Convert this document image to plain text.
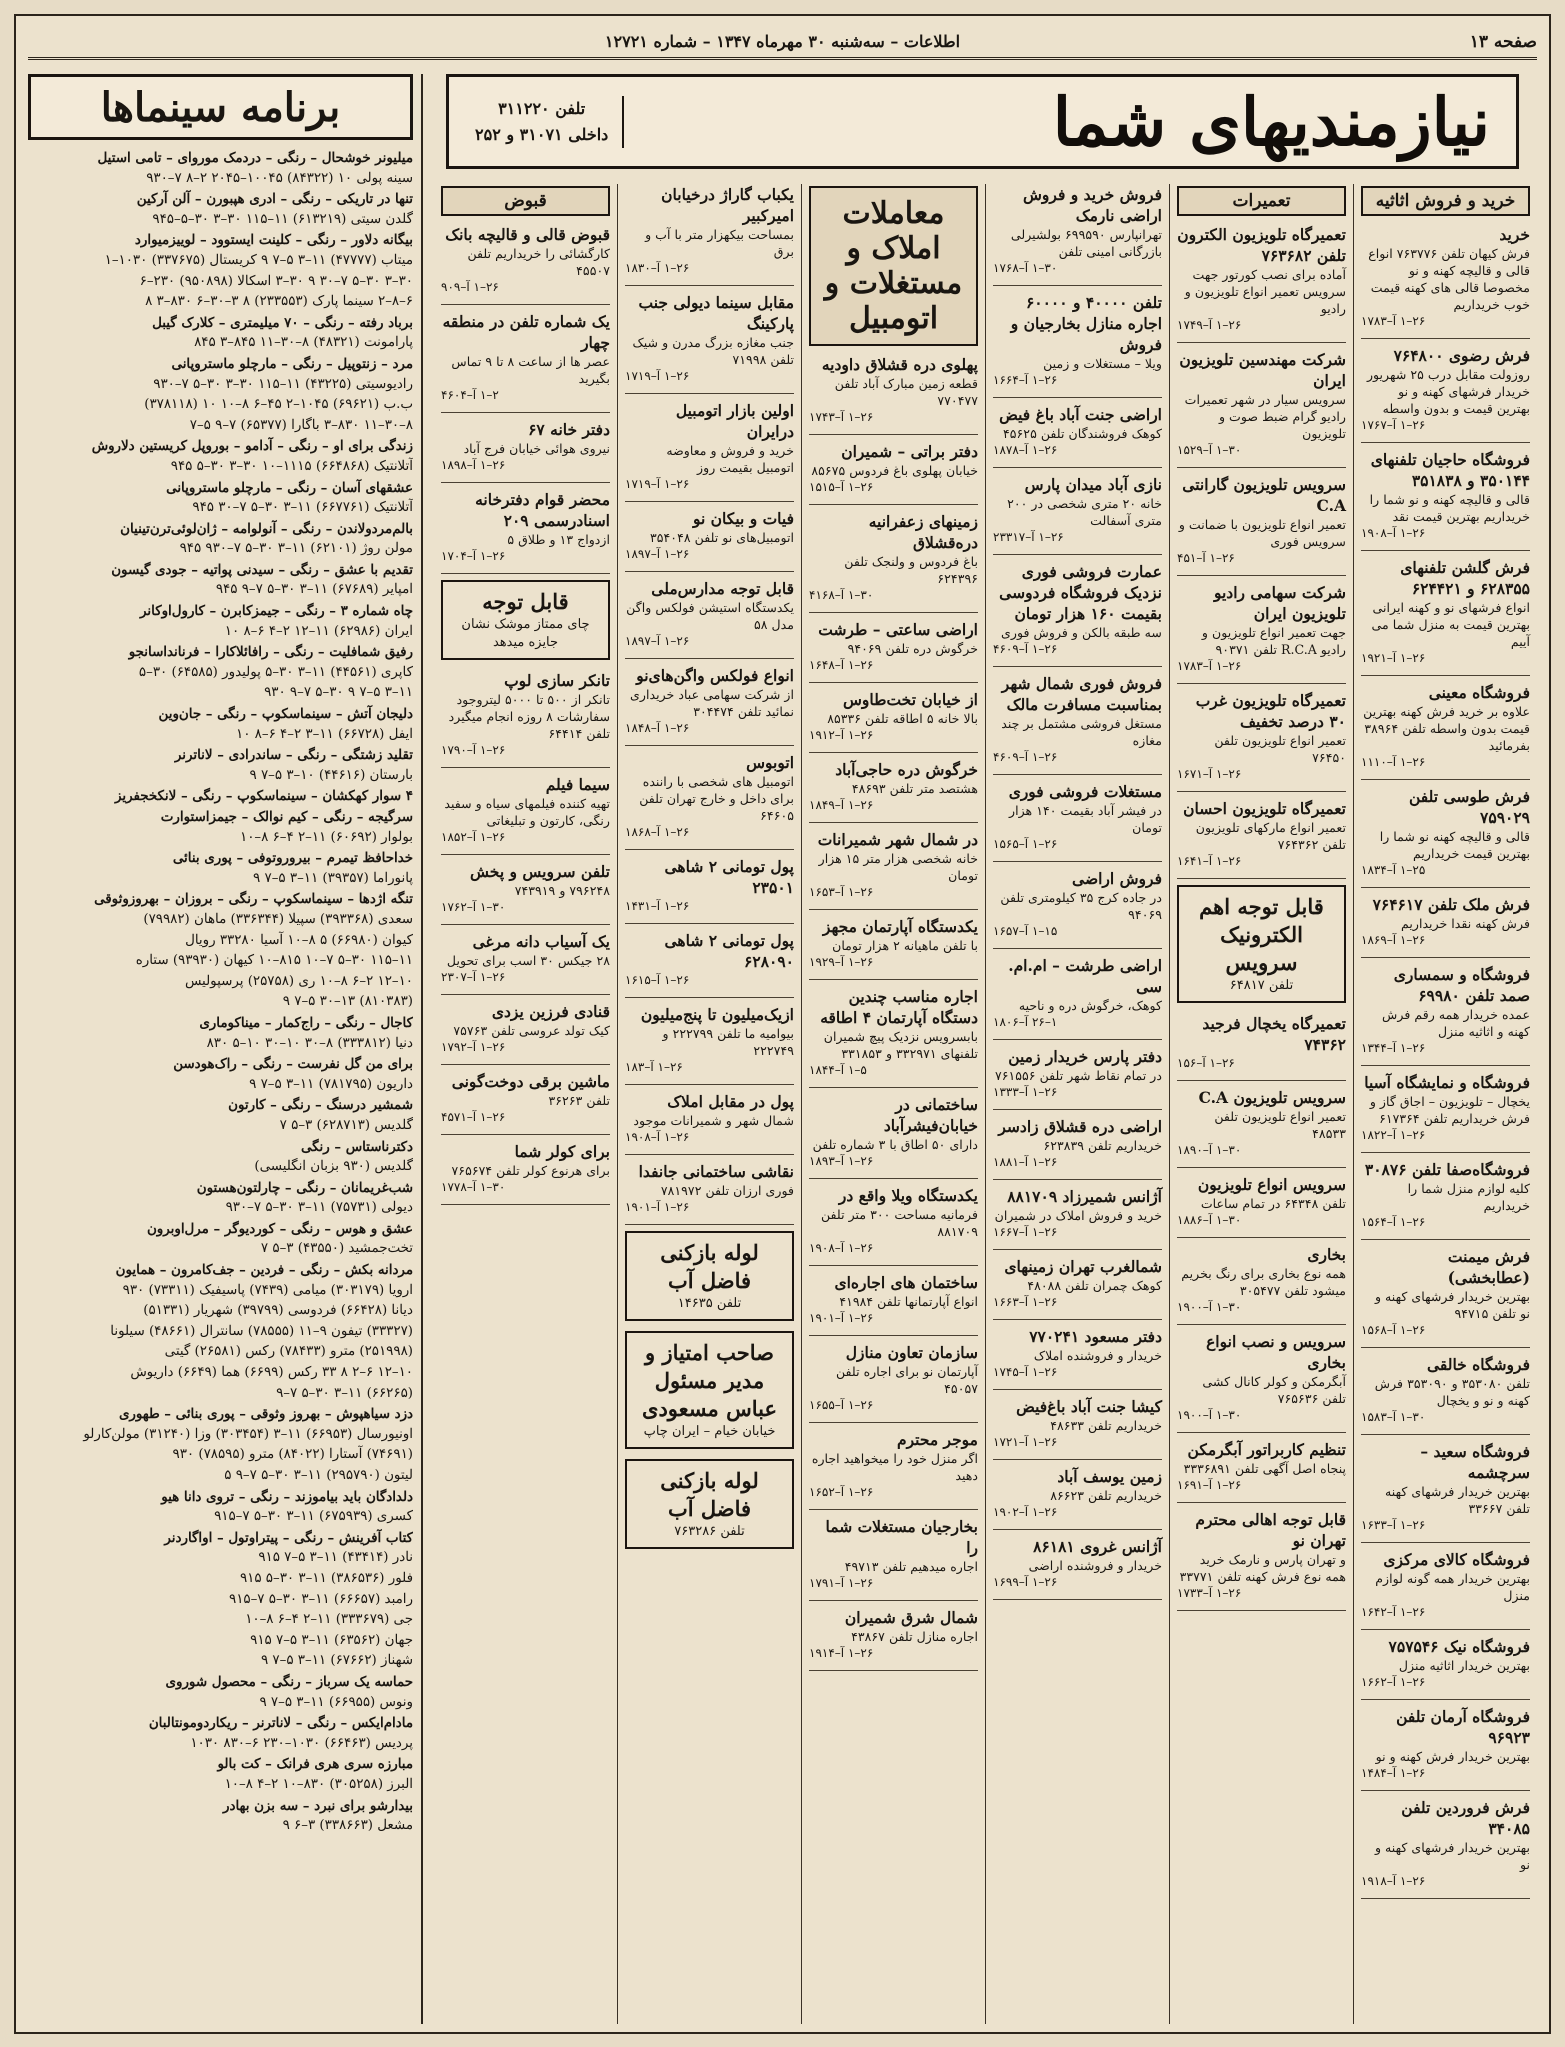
صفحه ۱۳
اطلاعات – سه‌شنبه ۳۰ مهرماه ۱۳۴۷ – شماره ۱۲۷۲۱
نیازمندیهای شما
تلفن ۳۱۱۲۲۰
داخلی ۳۱۰۷۱ و ۲۵۲
برنامه سینماها
میلیونر خوشحال – رنگی – دردمک موروای – تامی استیل
سینه پولی ۱۰ (۸۴۳۲۲) ۱۰۰۴۵–۲۰۴۵ ۲–۸ ۷–۹۳۰
تنها در تاریکی – رنگی – ادری هپبورن – آلن آرکین
گلدن سیتی (۶۱۳۲۱۹) ۱۱–۱۱۵ ۳۰–۳ ۳۰–۵–۹۴۵
بیگانه دلاور – رنگی – کلینت ایستوود – لوییزمیوارد
میتاب (۴۷۷۷۷) ۱۱–۳ ۵–۷ ۹ کریستال (۳۳۷۶۷۵) ۱۰۳۰–۱
۳۰–۳ ۳۰–۵ ۷–۳۰ ۹ ۳۰–۳ اسکالا (۹۵۰۸۹۸) ۲۳۰–۶
۶–۸–۲ سینما پارک (۲۳۳۵۵۳) ۸ ۳–۳۰–۶ ۸۳۰–۳ ۸
برباد رفته – رنگی – ۷۰ میلیمتری – کلارک گیبل
پارامونت (۴۸۳۲۱) ۸–۳۰–۱۱ ۸۴۵–۳ ۸۴۵
مرد – زنتوپیل – رنگی – مارچلو ماستروپانی
رادیوسیتی (۴۳۲۲۵) ۱۱–۱۱۵ ۳۰–۳ ۳۰–۵ ۷–۹۳۰
ب.ب (۶۹۶۲۱) ۱۰۴۵–۲ ۴۵–۶ ۸–۱۰ ۱۰ (۳۷۸۱۱۸)
۸–۳۰–۱۱ ۸۳۰–۳ باگارا (۶۵۳۷۷) ۷–۹ ۵–۷
زندگی برای او – رنگی – آدامو – بوروپل کریستین دلاروش
آتلانتیک (۶۶۴۸۶۸) ۱۱۱۵–۱۰ ۳۰–۳ ۳۰–۵ ۹۴۵
عشقهای آسان – رنگی – مارچلو ماستروپانی
آتلانتیک (۶۶۷۷۶۱) ۱۱–۳ ۳۰–۵ ۷–۳۰ ۹۴۵
بالم‌مردولاندن – رنگی – آنولوامه – ژان‌لوئی‌ترن‌تینیان
مولن روژ (۶۲۱۰۱) ۱۱–۳ ۳۰–۵ ۷–۹۳۰ ۹۴۵
تقدیم با عشق – رنگی – سیدنی پواتیه – جودی گیسون
امپایر (۶۷۶۸۹) ۱۱–۳ ۳۰–۵ ۷–۹ ۹۴۵
چاه شماره ۳ – رنگی – جیمزکابرن – کارول‌اوکانر
ایران (۶۲۹۸۶) ۱۱–۱۲ ۲–۴ ۶–۸ ۱۰
رفیق شمافلیت – رنگی – رافائلاکارا – فرنانداسانجو
کاپری (۴۴۵۶۱) ۱۱–۳ ۳۰–۵ پولیدور (۶۴۵۸۵) ۳۰–۵
۱۱–۳ ۵–۷ ۹ ۳۰–۵ ۷–۹ ۹۳۰
دلیجان آتش – سینماسکوپ – رنگی – جان‌وین
ایفل (۶۶۷۲۸) ۱۱–۳ ۲–۴ ۶–۸ ۱۰
تقلید زشتگی – رنگی – ساندرادی – لاناترنر
بارستان (۴۴۶۱۶) ۱۰–۳ ۵–۷ ۹
۴ سوار کهکشان – سینماسکوپ – رنگی – لانکخجفریز
سرگیجه – رنگی – کیم نوالک – جیمزاستوارت
بولوار (۶۰۶۹۲) ۱۱–۲ ۴–۶ ۸–۱۰
خداحافظ تیمرم – بیروروتوفی – پوری بنائی
پانوراما (۳۹۳۵۷) ۱۱–۳ ۵–۷ ۹
تنگه اژدها – سینماسکوپ – رنگی – بروزان – بهروزوثوقی
سعدی (۳۹۳۳۶۸) سپیلا (۳۳۶۳۴۴) ماهان (۷۹۹۸۲)
کیوان (۶۶۹۸۰) ۵ ۸–۱۰ آسیا ۳۳۲۸۰ رویال
۱۱–۱۱۵ ۳۰–۵ ۷–۱۰ ۸۱۵–۱۰ کیهان (۹۳۹۳۰) ستاره
۱۰–۱۲ ۲–۶ ۸–۱۰ ری (۲۵۷۵۸) پرسپولیس
(۸۱۰۳۸۳) ۱۳–۳۰ ۵–۷ ۹
کاجال – رنگی – راج‌کمار – میناکوماری
دنیا (۳۳۳۸۱۲) ۸–۳۰ ۱۰–۳۰ ۱۰–۵ ۸۳۰
برای من گل نفرست – رنگی – راک‌هودسن
داریون (۷۸۱۷۹۵) ۱۱–۳ ۵–۷ ۹
شمشیر درسنگ – رنگی – کارتون
گلدیس (۶۲۸۷۱۳) ۳–۵ ۷
دکترناستاس – رنگی
گلدیس (۹۳۰ بزبان انگلیسی)
شب‌غریمانان – رنگی – چارلتون‌هستون
دیولی (۷۵۷۳۱) ۱۱–۳ ۳۰–۵ ۷–۹۳۰
عشق و هوس – رنگی – کوردیوگر – مرل‌اوبرون
تخت‌جمشید (۴۳۵۵۰) ۳–۵ ۷
مردانه بکش – رنگی – فردین – جف‌کامرون – همایون
ارویا (۳۰۳۱۷۹) میامی (۷۴۳۹) پاسیفیک (۷۳۳۱۱) ۹۳۰
دیانا (۶۶۴۲۸) فردوسی (۳۹۷۹۹) شهریار (۵۱۳۳۱)
(۳۳۳۲۷) تیفون ۹–۱۱ (۷۸۵۵۵) سانترال (۴۸۶۶۱) سیلونا
(۲۵۱۹۹۸) مترو (۷۸۴۳۳) رکس (۲۶۵۸۱) گیتی
۱۰–۱۲ ۶–۲ ۸ ۳۳ رکس (۶۶۹۹) هما (۶۶۴۹) داریوش
(۶۶۲۶۵) ۱۱–۳ ۳۰–۵ ۷–۹
دزد سیاهپوش – بهروز وثوقی – پوری بنائی – طهوری
اونیورسال (۶۶۹۵۳) ۱۱–۳ (۳۰۳۴۵۴) وزا (۳۱۲۴۰) مولن‌کارلو
(۷۴۶۹۱) آستارا (۸۴۰۲۲) مترو (۷۸۵۹۵) ۹۳۰
لیتون (۲۹۵۷۹۰) ۱۱–۳ ۳۰–۵ ۷–۹ ۵
دلدادگان باید بیاموزند – رنگی – تروی دانا هیو
کسری (۶۷۵۹۳۹) ۱۱–۳ ۳۰–۵ ۷–۹۱۵
کتاب آفرینش – رنگی – پیتراوتول – اواگاردنر
نادر (۴۳۴۱۴) ۱۱–۳ ۵–۷ ۹۱۵
فلور (۳۸۶۵۳۶) ۱۱–۳ ۳۰–۵ ۹۱۵
رامبد (۶۶۶۵۷) ۱۱–۳ ۳۰–۵ ۷–۹۱۵
جی (۳۳۳۶۷۹) ۱۱–۲ ۴–۶ ۸–۱۰
جهان (۶۳۵۶۲) ۱۱–۳ ۵–۷ ۹۱۵
شهناز (۶۷۶۶۲) ۱۱–۳ ۵–۷ ۹
حماسه یک سرباز – رنگی – محصول شوروی
ونوس (۶۶۹۵۵) ۱۱–۳ ۵–۷ ۹
مادام‌ایکس – رنگی – لاناترنر – ریکاردومونتالبان
پردیس (۶۶۴۶۳) ۱۰۳۰–۲۳۰ ۶–۸۳۰ ۱۰۳۰
مبارزه سری هری فرانک – کت بالو
البرز (۳۰۵۲۵۸) ۸۳۰–۱۰ ۲–۴ ۸–۱۰
بیدارشو برای نبرد – سه بزن بهادر
مشعل (۳۳۸۶۶۳) ۳–۶ ۹
خرید و فروش اثاثیه
خرید
فرش کیهان تلفن ۷۶۳۷۷۶ انواع قالی و قالیچه کهنه و نو مخصوصا قالی های کهنه قیمت خوب خریداریم
۲۶–۱ آ–۱۷۸۳
فرش رضوی ۷۶۴۸۰۰
روزولت مقابل درب ۲۵ شهریور خریدار فرشهای کهنه و نو بهترین قیمت و بدون واسطه
۲۶–۱ آ–۱۷۶۷
فروشگاه حاجیان تلفنهای ۳۵۰۱۴۴ و ۳۵۱۸۳۸
قالی و قالیچه کهنه و نو شما را خریداریم بهترین قیمت نقد
۲۶–۱ آ–۱۹۰۸
فرش گلشن تلفنهای ۶۲۸۳۵۵ و ۶۲۴۴۲۱
انواع فرشهای نو و کهنه ایرانی بهترین قیمت به منزل شما می آییم
۲۶–۱ آ–۱۹۲۱
فروشگاه معینی
علاوه بر خرید فرش کهنه بهترین قیمت بدون واسطه تلفن ۳۸۹۶۴ بفرمائید
۲۶–۱ آ–۱۱۱۰
فرش طوسی تلفن ۷۵۹۰۲۹
قالی و قالیچه کهنه نو شما را بهترین قیمت خریداریم
۲۵–۱ آ–۱۸۳۴
فرش ملک تلفن ۷۶۴۶۱۷
فرش کهنه نقدا خریداریم
۲۶–۱ آ–۱۸۶۹
فروشگاه و سمساری صمد تلفن ۶۹۹۸۰
عمده خریدار همه رقم فرش کهنه و اثاثیه منزل
۲۶–۱ آ–۱۳۴۴
فروشگاه و نمایشگاه آسیا
یخچال – تلویزیون – اجاق گاز و فرش خریداریم تلفن ۶۱۷۳۶۴
۲۶–۱ آ–۱۸۲۲
فروشگاه‌صفا تلفن ۳۰۸۷۶
کلیه لوازم منزل شما را خریداریم
۲۶–۱ آ–۱۵۶۴
فرش میمنت (عطابخشی)
بهترین خریدار فرشهای کهنه و نو تلفن ۹۴۷۱۵
۲۶–۱ آ–۱۵۶۸
فروشگاه خالقی
تلفن ۳۵۳۰۸۰ و ۳۵۳۰۹۰ فرش کهنه و نو و یخچال
۳۰–۱ آ–۱۵۸۳
فروشگاه سعید – سرچشمه
بهترین خریدار فرشهای کهنه تلفن ۳۳۶۶۷
۲۶–۱ آ–۱۶۳۳
فروشگاه کالای مرکزی
بهترین خریدار همه گونه لوازم منزل
۲۶–۱ آ–۱۶۴۲
فروشگاه نیک ۷۵۷۵۴۶
بهترین خریدار اثاثیه منزل
۲۶–۱ آ–۱۶۶۲
فروشگاه آرمان تلفن ۹۶۹۲۳
بهترین خریدار فرش کهنه و نو
۲۶–۱ آ–۱۴۸۴
فرش فروردین تلفن ۳۴۰۸۵
بهترین خریدار فرشهای کهنه و نو
۲۶–۱ آ–۱۹۱۸
تعمیرات
تعمیرگاه تلویزیون الکترون تلفن ۷۶۳۶۸۲
آماده برای نصب کورتور جهت سرویس تعمیر انواع تلویزیون و رادیو
۲۶–۱ آ–۱۷۴۹
شرکت مهندسین تلویزیون ایران
سرویس سیار در شهر تعمیرات رادیو گرام ضبط صوت و تلویزیون
۳۰–۱ آ–۱۵۲۹
سرویس تلویزیون گارانتی C.A
تعمیر انواع تلویزیون با ضمانت و سرویس فوری
۲۶–۱ آ–۴۵۱
شرکت سهامی رادیو تلویزیون ایران
جهت تعمیر انواع تلویزیون و رادیو R.C.A تلفن ۹۰۳۷۱
۲۶–۱ آ–۱۷۸۳
تعمیرگاه تلویزیون غرب ۳۰ درصد تخفیف
تعمیر انواع تلویزیون تلفن ۷۶۴۵۰
۲۶–۱ آ–۱۶۷۱
تعمیرگاه تلویزیون احسان
تعمیر انواع مارکهای تلویزیون تلفن ۷۶۴۳۶۲
۲۶–۱ آ–۱۶۴۱
قابل توجه اهم الکترونیک سرویس
تلفن ۶۴۸۱۷
تعمیرگاه یخچال فرجید ۷۴۳۶۲
۲۶–۱ آ–۱۵۶
سرویس تلویزیون C.A
تعمیر انواع تلویزیون تلفن ۴۸۵۳۳
۳۰–۱ آ–۱۸۹۰
سرویس انواع تلویزیون
تلفن ۶۴۳۴۸ در تمام ساعات
۳۰–۱ آ–۱۸۸۶
بخاری
همه نوع بخاری برای رنگ بخریم میشود تلفن ۳۰۵۴۷۷
۳۰–۱ آ–۱۹۰۰
سرویس و نصب انواع بخاری
آبگرمکن و کولر کانال کشی تلفن ۷۶۵۶۳۶
۳۰–۱ آ–۱۹۰۰
تنظیم کاربراتور آبگرمکن
پنجاه اصل آگهی تلفن ۳۳۳۶۸۹۱
۲۶–۱ آ–۱۶۹۱
قابل توجه اهالی محترم تهران نو
و تهران پارس و نارمک خرید همه نوع فرش کهنه تلفن ۳۳۷۷۱
۲۶–۱ آ–۱۷۳۳
فروش خرید و فروش اراضی نارمک
تهرانپارس ۶۹۹۵۹۰ بولشیرلی بازرگانی امینی تلفن
۳۰–۱ آ–۱۷۶۸
تلفن ۴۰۰۰۰ و ۶۰۰۰۰ اجاره منازل بخارجیان و فروش
ویلا – مستغلات و زمین
۲۶–۱ آ–۱۶۶۴
اراضی جنت آباد باغ فیض
کوهک فروشندگان تلفن ۴۵۶۲۵
۲۶–۱ آ–۱۸۷۸
نازی آباد میدان پارس
خانه ۲۰ متری شخصی در ۲۰۰ متری آسفالت
۲۶–۱ آ–۲۳۳۱۷
عمارت فروشی فوری نزدیک فروشگاه فردوسی بقیمت ۱۶۰ هزار تومان
سه طبقه بالکن و فروش فوری
۲۶–۱ آ–۴۶۰۹
فروش فوری شمال شهر بمناسبت مسافرت مالک
مستغل فروشی مشتمل بر چند مغازه
۲۶–۱ آ–۴۶۰۹
مستغلات فروشی فوری
در فیشر آباد بقیمت ۱۴۰ هزار تومان
۲۶–۱ آ–۱۵۶۵
فروش اراضی
در جاده کرج ۳۵ کیلومتری تلفن ۹۴۰۶۹
۱۵–۱ آ–۱۶۵۷
اراضی طرشت – ام.ام. سی
کوهک، خرگوش دره و ناحیه
۱–۲۶ آ–۱۸۰۶
دفتر پارس خریدار زمین
در تمام نقاط شهر تلفن ۷۶۱۵۵۶
۲۶–۱ آ–۱۳۳۳
اراضی دره قشلاق زادسر
خریداریم تلفن ۶۲۳۸۳۹
۲۶–۱ آ–۱۸۸۱
آژانس شمیرزاد ۸۸۱۷۰۹
خرید و فروش املاک در شمیران
۲۶–۱ آ–۱۶۶۷
شمالغرب تهران زمینهای
کوهک چمران تلفن ۴۸۰۸۸
۲۶–۱ آ–۱۶۶۳
دفتر مسعود ۷۷۰۲۴۱
خریدار و فروشنده املاک
۲۶–۱ آ–۱۷۴۵
کیشا جنت آباد باغ‌فیض
خریداریم تلفن ۴۸۶۳۳
۲۶–۱ آ–۱۷۲۱
زمین یوسف آباد
خریداریم تلفن ۸۶۶۲۳
۲۶–۱ آ–۱۹۰۲
آژانس غروی ۸۶۱۸۱
خریدار و فروشنده اراضی
۲۶–۱ آ–۱۶۹۹
معاملات املاک و مستغلات و اتومبیل
پهلوی دره قشلاق داودیه
قطعه زمین مبارک آباد تلفن ۷۷۰۴۷۷
۲۶–۱ آ–۱۷۴۳
دفتر براتی – شمیران
خیابان پهلوی باغ فردوس ۸۵۶۷۵
۲۶–۱ آ–۱۵۱۵
زمینهای زعفرانیه دره‌قشلاق
باغ فردوس و ولنجک تلفن ۶۲۴۳۹۶
۳۰–۱ آ–۴۱۶۸
اراضی ساعتی – طرشت
خرگوش دره تلفن ۹۴۰۶۹
۲۶–۱ آ–۱۶۴۸
از خیابان تخت‌طاوس
بالا خانه ۵ اطاقه تلفن ۸۵۳۳۶
۲۶–۱ آ–۱۹۱۲
خرگوش دره حاجی‌آباد
هشتصد متر تلفن ۴۸۶۹۳
۲۶–۱ آ–۱۸۴۹
در شمال شهر شمیرانات
خانه شخصی هزار متر ۱۵ هزار تومان
۲۶–۱ آ–۱۶۵۳
یکدستگاه آپارتمان مجهز
با تلفن ماهیانه ۲ هزار تومان
۲۶–۱ آ–۱۹۲۹
اجاره مناسب چندین دستگاه آپارتمان ۴ اطاقه
بابسرویس نزدیک پیچ شمیران تلفنهای ۳۳۲۹۷۱ و ۳۳۱۸۵۳
۵–۱ آ–۱۸۴۴
ساختمانی در خیابان‌فیشرآباد
دارای ۵۰ اطاق با ۳ شماره تلفن
۲۶–۱ آ–۱۸۹۳
یکدستگاه ویلا واقع در
فرمانیه مساحت ۳۰۰ متر تلفن ۸۸۱۷۰۹
۲۶–۱ آ–۱۹۰۸
ساختمان های اجاره‌ای
انواع آپارتمانها تلفن ۴۱۹۸۴
۲۶–۱ آ–۱۹۰۱
سازمان تعاون منازل
آپارتمان نو برای اجاره تلفن ۴۵۰۵۷
۲۶–۱ آ–۱۶۵۵
موجر محترم
اگر منزل خود را میخواهید اجاره دهید
۲۶–۱ آ–۱۶۵۲
بخارجیان مستغلات شما را
اجاره میدهیم تلفن ۴۹۷۱۳
۲۶–۱ آ–۱۷۹۱
شمال شرق شمیران
اجاره منازل تلفن ۴۳۸۶۷
۲۶–۱ آ–۱۹۱۴
یکباب گاراژ درخیابان امیرکبیر
بمساحت بیکهزار متر با آب و برق
۲۶–۱ آ–۱۸۳۰
مقابل سینما دیولی جنب پارکینگ
جنب مغازه بزرگ مدرن و شیک تلفن ۷۱۹۹۸
۲۶–۱ آ–۱۷۱۹
اولین بازار اتومبیل درایران
خرید و فروش و معاوضه اتومبیل بقیمت روز
۲۶–۱ آ–۱۷۱۹
فیات و بیکان نو
اتومبیل‌های نو تلفن ۳۵۴۰۴۸
۲۶–۱ آ–۱۸۹۷
قابل توجه مدارس‌ملی
یکدستگاه استیشن فولکس واگن مدل ۵۸
۲۶–۱ آ–۱۸۹۷
انواع فولکس واگن‌های‌نو
از شرکت سهامی عباد خریداری نمائید تلفن ۳۰۴۴۷۴
۲۶–۱ آ–۱۸۴۸
اتوبوس
اتومبیل های شخصی با راننده برای داخل و خارج تهران تلفن ۶۴۶۰۵
۲۶–۱ آ–۱۸۶۸
پول تومانی ۲ شاهی ۲۳۵۰۱
۲۶–۱ آ–۱۴۳۱
پول تومانی ۲ شاهی ۶۲۸۰۹۰
۲۶–۱ آ–۱۶۱۵
ازیک‌میلیون تا پنج‌میلیون
بیوامیه ما تلفن ۲۲۲۷۹۹ و ۲۲۲۷۴۹
۲۶–۱ آ–۱۸۳
پول در مقابل املاک
شمال شهر و شمیرانات موجود
۲۶–۱ آ–۱۹۰۸
نقاشی ساختمانی جانفدا
فوری ارزان تلفن ۷۸۱۹۷۲
۲۶–۱ آ–۱۹۰۱
لوله بازکنی فاضل آب
تلفن ۱۴۶۳۵
صاحب امتیاز و مدیر مسئول عباس مسعودی
خیابان خیام – ایران چاپ
لوله بازکنی فاضل آب
تلفن ۷۶۳۲۸۶
قبوض
قبوض قالی و قالیچه بانک
کارگشائی را خریداریم تلفن ۴۵۵۰۷
۲۶–۱ آ–۹۰۹
یک شماره تلفن در منطقه چهار
عصر ها از ساعت ۸ تا ۹ تماس بگیرید
۲–۱ آ–۴۶۰۴
دفتر خانه ۶۷
نیروی هوائی خیابان فرج آباد
۲۶–۱ آ–۱۸۹۸
محضر قوام دفترخانه اسنادرسمی ۲۰۹
ازدواج ۱۳ و طلاق ۵
۲۶–۱ آ–۱۷۰۴
قابل توجه
چای ممتاز موشک نشان جایزه میدهد
تانکر سازی لوپ
تانکر از ۵۰۰ تا ۵۰۰۰ لیتروجود سفارشات ۸ روزه انجام میگیرد تلفن ۶۴۴۱۴
۲۶–۱ آ–۱۷۹۰
سیما فیلم
تهیه کننده فیلمهای سیاه و سفید رنگی، کارتون و تبلیغاتی
۲۶–۱ آ–۱۸۵۲
تلفن سرویس و پخش
۷۹۶۲۴۸ و ۷۴۳۹۱۹
۳۰–۱ آ–۱۷۶۲
یک آسیاب دانه مرغی
۲۸ جیکس ۳۰ اسب برای تحویل
۲۶–۱ آ–۲۳۰۷
قنادی فرزین یزدی
کیک تولد عروسی تلفن ۷۵۷۶۳
۲۶–۱ آ–۱۷۹۲
ماشین برقی دوخت‌گونی
تلفن ۳۶۲۶۳
۲۶–۱ آ–۴۵۷۱
برای کولر شما
برای هرنوع کولر تلفن ۷۶۵۶۷۴
۳۰–۱ آ–۱۷۷۸
